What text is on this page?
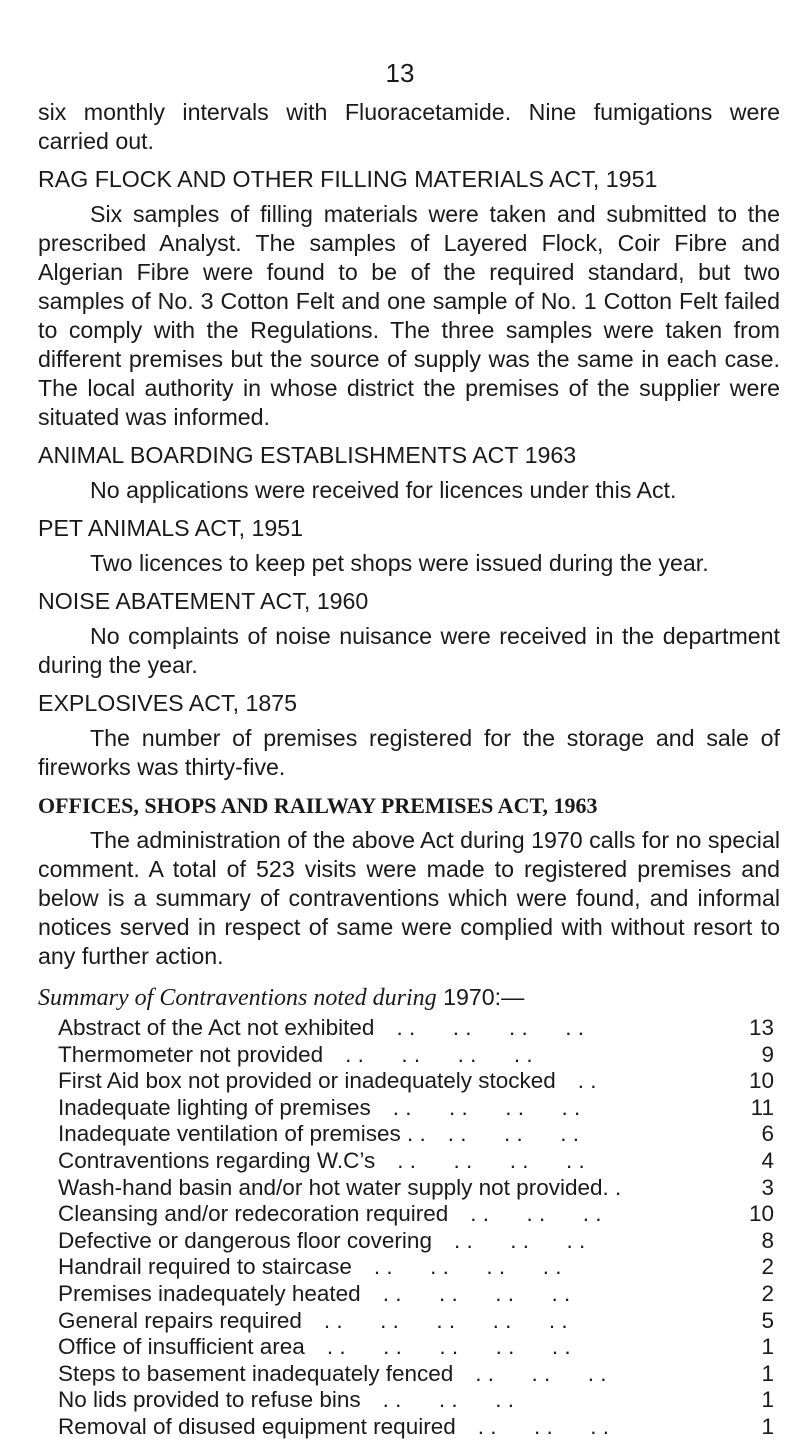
13

six monthly intervals with Fluoracetamide. Nine fumigations were carried out.

RAG FLOCK AND OTHER FILLING MATERIALS ACT, 1951

Six samples of filling materials were taken and submitted to the prescribed Analyst. The samples of Layered Flock, Coir Fibre and Algerian Fibre were found to be of the required standard, but two samples of No. 3 Cotton Felt and one sample of No. 1 Cotton Felt failed to comply with the Regulations. The three samples were taken from different premises but the source of supply was the same in each case. The local authority in whose district the premises of the supplier were situated was informed.

ANIMAL BOARDING ESTABLISHMENTS ACT 1963

No applications were received for licences under this Act.

PET ANIMALS ACT, 1951

Two licences to keep pet shops were issued during the year.

NOISE ABATEMENT ACT, 1960

No complaints of noise nuisance were received in the department during the year.

EXPLOSIVES ACT, 1875

The number of premises registered for the storage and sale of fireworks was thirty-five.

OFFICES, SHOPS AND RAILWAY PREMISES ACT, 1963

The administration of the above Act during 1970 calls for no special comment. A total of 523 visits were made to registered premises and below is a summary of contraventions which were found, and informal notices served in respect of same were complied with without resort to any further action.

Summary of Contraventions noted during 1970:—
Abstract of the Act not exhibited . .      . .      . .      . .	13
Thermometer not provided . .      . .      . .      . .	9
First Aid box not provided or inadequately stocked . .	10
Inadequate lighting of premises . .      . .      . .      . .	11
Inadequate ventilation of premises . . . .      . .      . .	6
Contraventions regarding W.C’s . .      . .      . .      . .	4
Wash-hand basin and/or hot water supply not provided. .	3
Cleansing and/or redecoration required . .      . .      . .	10
Defective or dangerous floor covering . .      . .      . .	8
Handrail required to staircase . .      . .      . .      . .	2
Premises inadequately heated . .      . .      . .      . .	2
General repairs required . .      . .      . .      . .      . .	5
Office of insufficient area . .      . .      . .      . .      . .	1
Steps to basement inadequately fenced . .      . .      . .	1
No lids provided to refuse bins . .      . .      . .	1
Removal of disused equipment required . .      . .      . .	1
